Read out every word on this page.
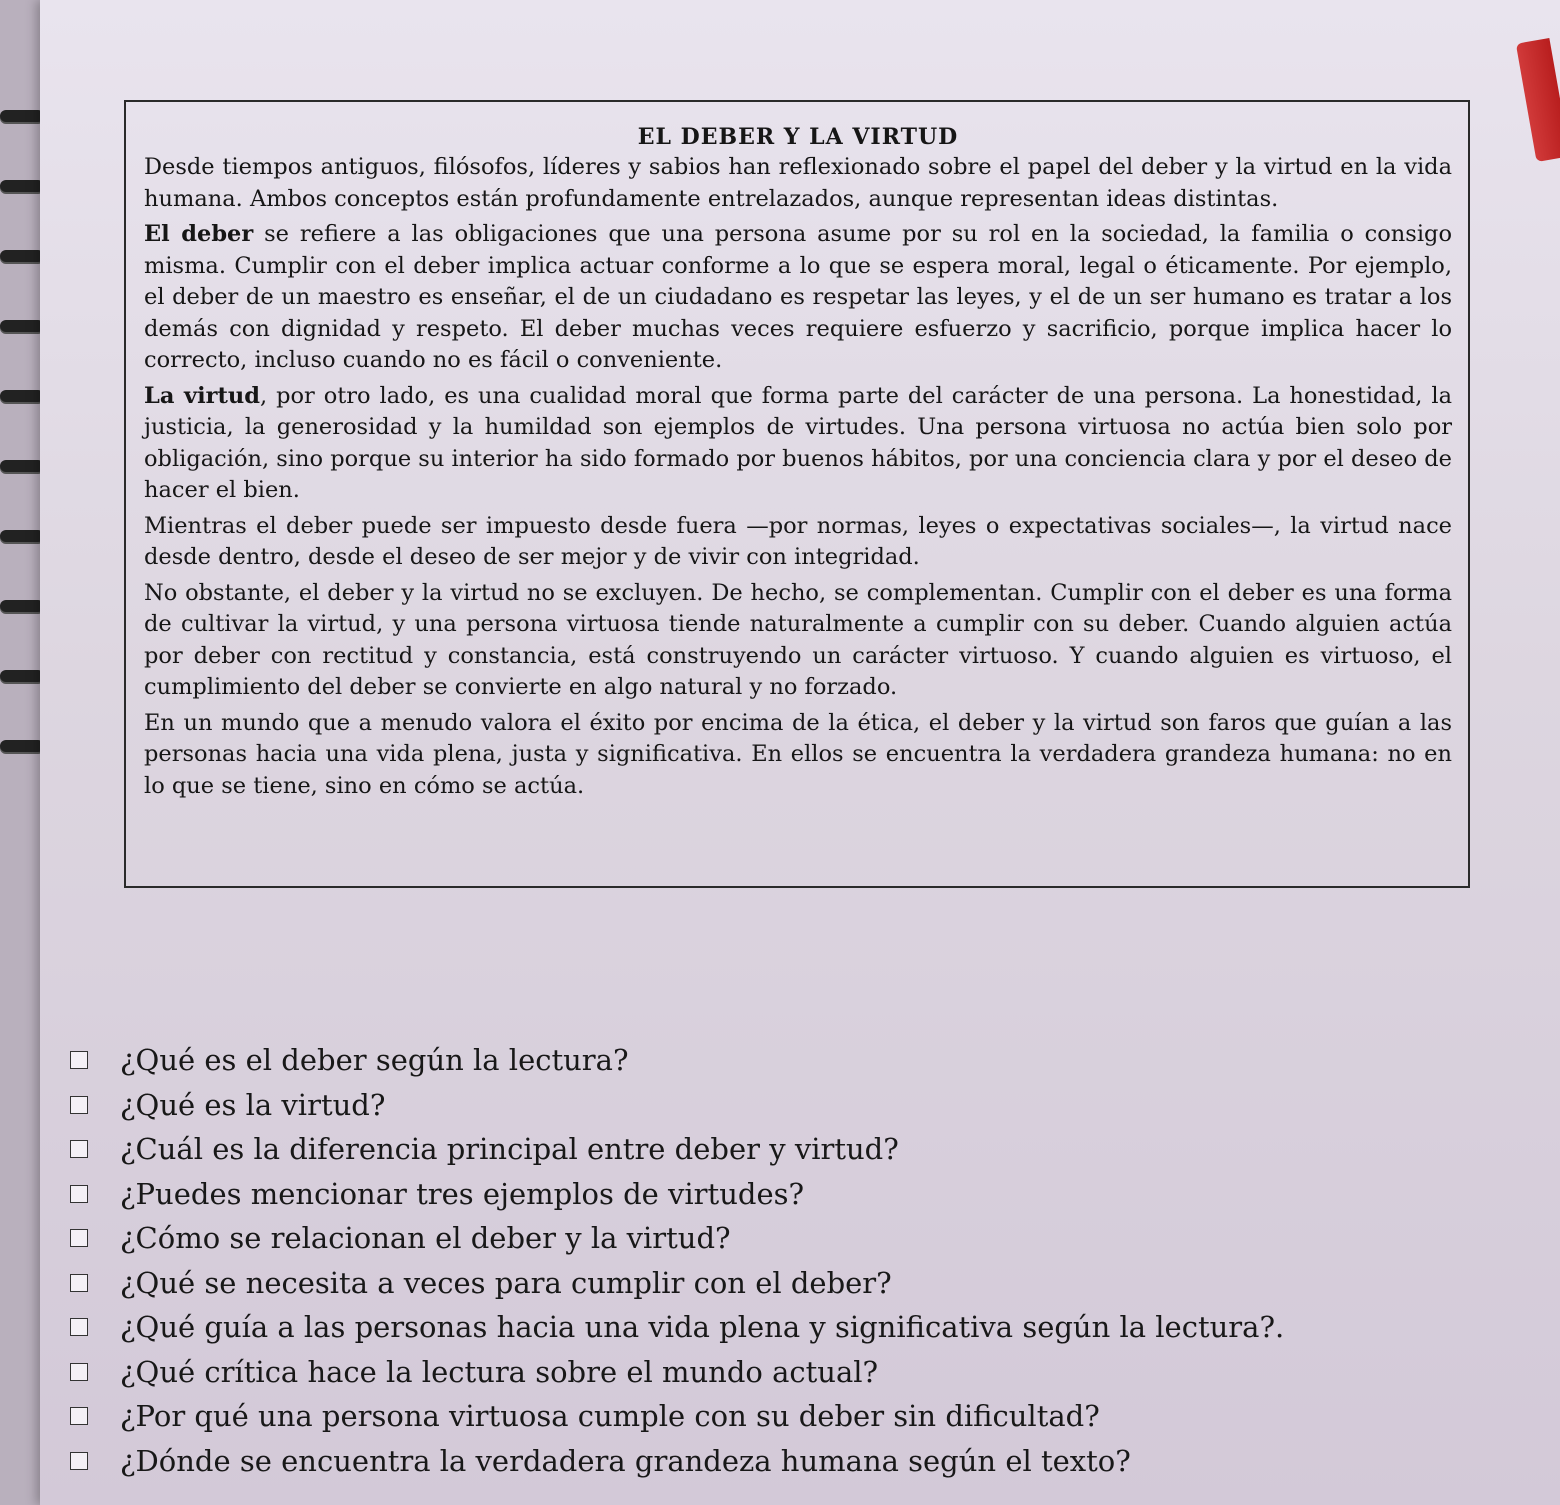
EL DEBER Y LA VIRTUD

Desde tiempos antiguos, filósofos, líderes y sabios han reflexionado sobre el papel del deber y la virtud en la vida humana. Ambos conceptos están profundamente entrelazados, aunque representan ideas distintas.

El deber se refiere a las obligaciones que una persona asume por su rol en la sociedad, la familia o consigo misma. Cumplir con el deber implica actuar conforme a lo que se espera moral, legal o éticamente. Por ejemplo, el deber de un maestro es enseñar, el de un ciudadano es respetar las leyes, y el de un ser humano es tratar a los demás con dignidad y respeto. El deber muchas veces requiere esfuerzo y sacrificio, porque implica hacer lo correcto, incluso cuando no es fácil o conveniente.

La virtud, por otro lado, es una cualidad moral que forma parte del carácter de una persona. La honestidad, la justicia, la generosidad y la humildad son ejemplos de virtudes. Una persona virtuosa no actúa bien solo por obligación, sino porque su interior ha sido formado por buenos hábitos, por una conciencia clara y por el deseo de hacer el bien.

Mientras el deber puede ser impuesto desde fuera —por normas, leyes o expectativas sociales—, la virtud nace desde dentro, desde el deseo de ser mejor y de vivir con integridad.

No obstante, el deber y la virtud no se excluyen. De hecho, se complementan. Cumplir con el deber es una forma de cultivar la virtud, y una persona virtuosa tiende naturalmente a cumplir con su deber. Cuando alguien actúa por deber con rectitud y constancia, está construyendo un carácter virtuoso. Y cuando alguien es virtuoso, el cumplimiento del deber se convierte en algo natural y no forzado.

En un mundo que a menudo valora el éxito por encima de la ética, el deber y la virtud son faros que guían a las personas hacia una vida plena, justa y significativa. En ellos se encuentra la verdadera grandeza humana: no en lo que se tiene, sino en cómo se actúa.

¿Qué es el deber según la lectura?
¿Qué es la virtud?
¿Cuál es la diferencia principal entre deber y virtud?
¿Puedes mencionar tres ejemplos de virtudes?
¿Cómo se relacionan el deber y la virtud?
¿Qué se necesita a veces para cumplir con el deber?
¿Qué guía a las personas hacia una vida plena y significativa según la lectura?.
¿Qué crítica hace la lectura sobre el mundo actual?
¿Por qué una persona virtuosa cumple con su deber sin dificultad?
¿Dónde se encuentra la verdadera grandeza humana según el texto?
